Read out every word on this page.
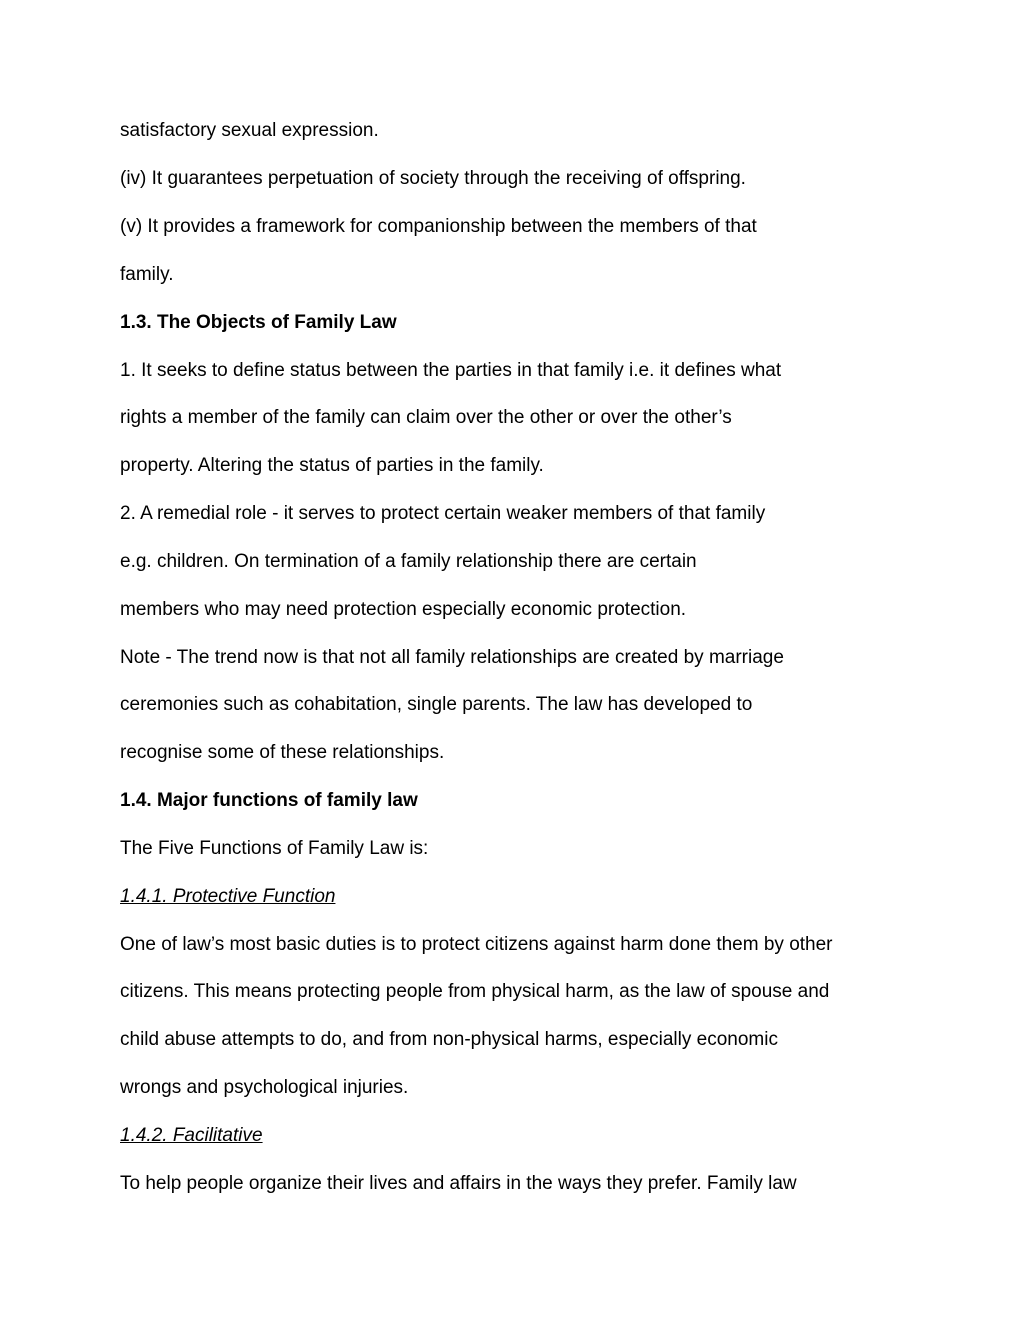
satisfactory sexual expression.
(iv) It guarantees perpetuation of society through the receiving of offspring.
(v) It provides a framework for companionship between the members of that
family.
1.3. The Objects of Family Law
1. It seeks to define status between the parties in that family i.e. it defines what
rights a member of the family can claim over the other or over the other’s
property. Altering the status of parties in the family.
2. A remedial role - it serves to protect certain weaker members of that family
e.g. children. On termination of a family relationship there are certain
members who may need protection especially economic protection.
Note - The trend now is that not all family relationships are created by marriage
ceremonies such as cohabitation, single parents. The law has developed to
recognise some of these relationships.
1.4. Major functions of family law
The Five Functions of Family Law is:
1.4.1. Protective Function
One of law’s most basic duties is to protect citizens against harm done them by other
citizens. This means protecting people from physical harm, as the law of spouse and
child abuse attempts to do, and from non-physical harms, especially economic
wrongs and psychological injuries.
1.4.2. Facilitative
To help people organize their lives and affairs in the ways they prefer. Family law
